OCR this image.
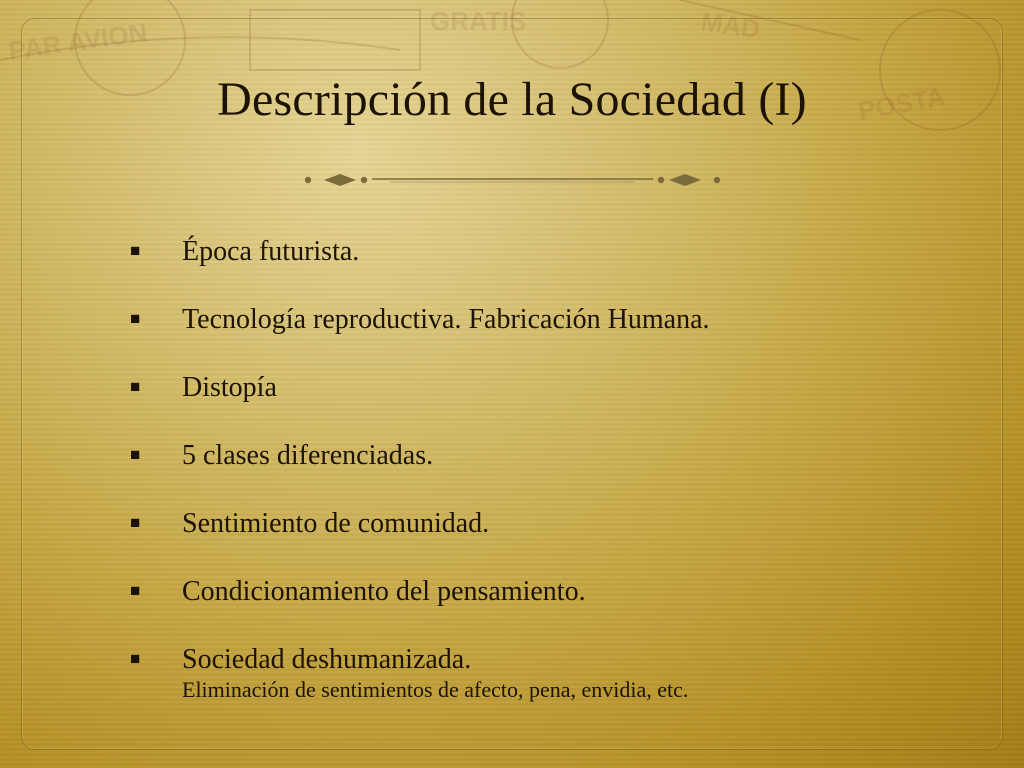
PAR AVION	GRATIS	MAD
POSTA
Descripción de la Sociedad (I)
■ Época futurista.
■ Tecnología reproductiva. Fabricación Humana.
■ Distopía
■ 5 clases diferenciadas.
■ Sentimiento de comunidad.
■ Condicionamiento del pensamiento.
■ Sociedad deshumanizada.
Eliminación de sentimientos de afecto, pena, envidia, etc.
